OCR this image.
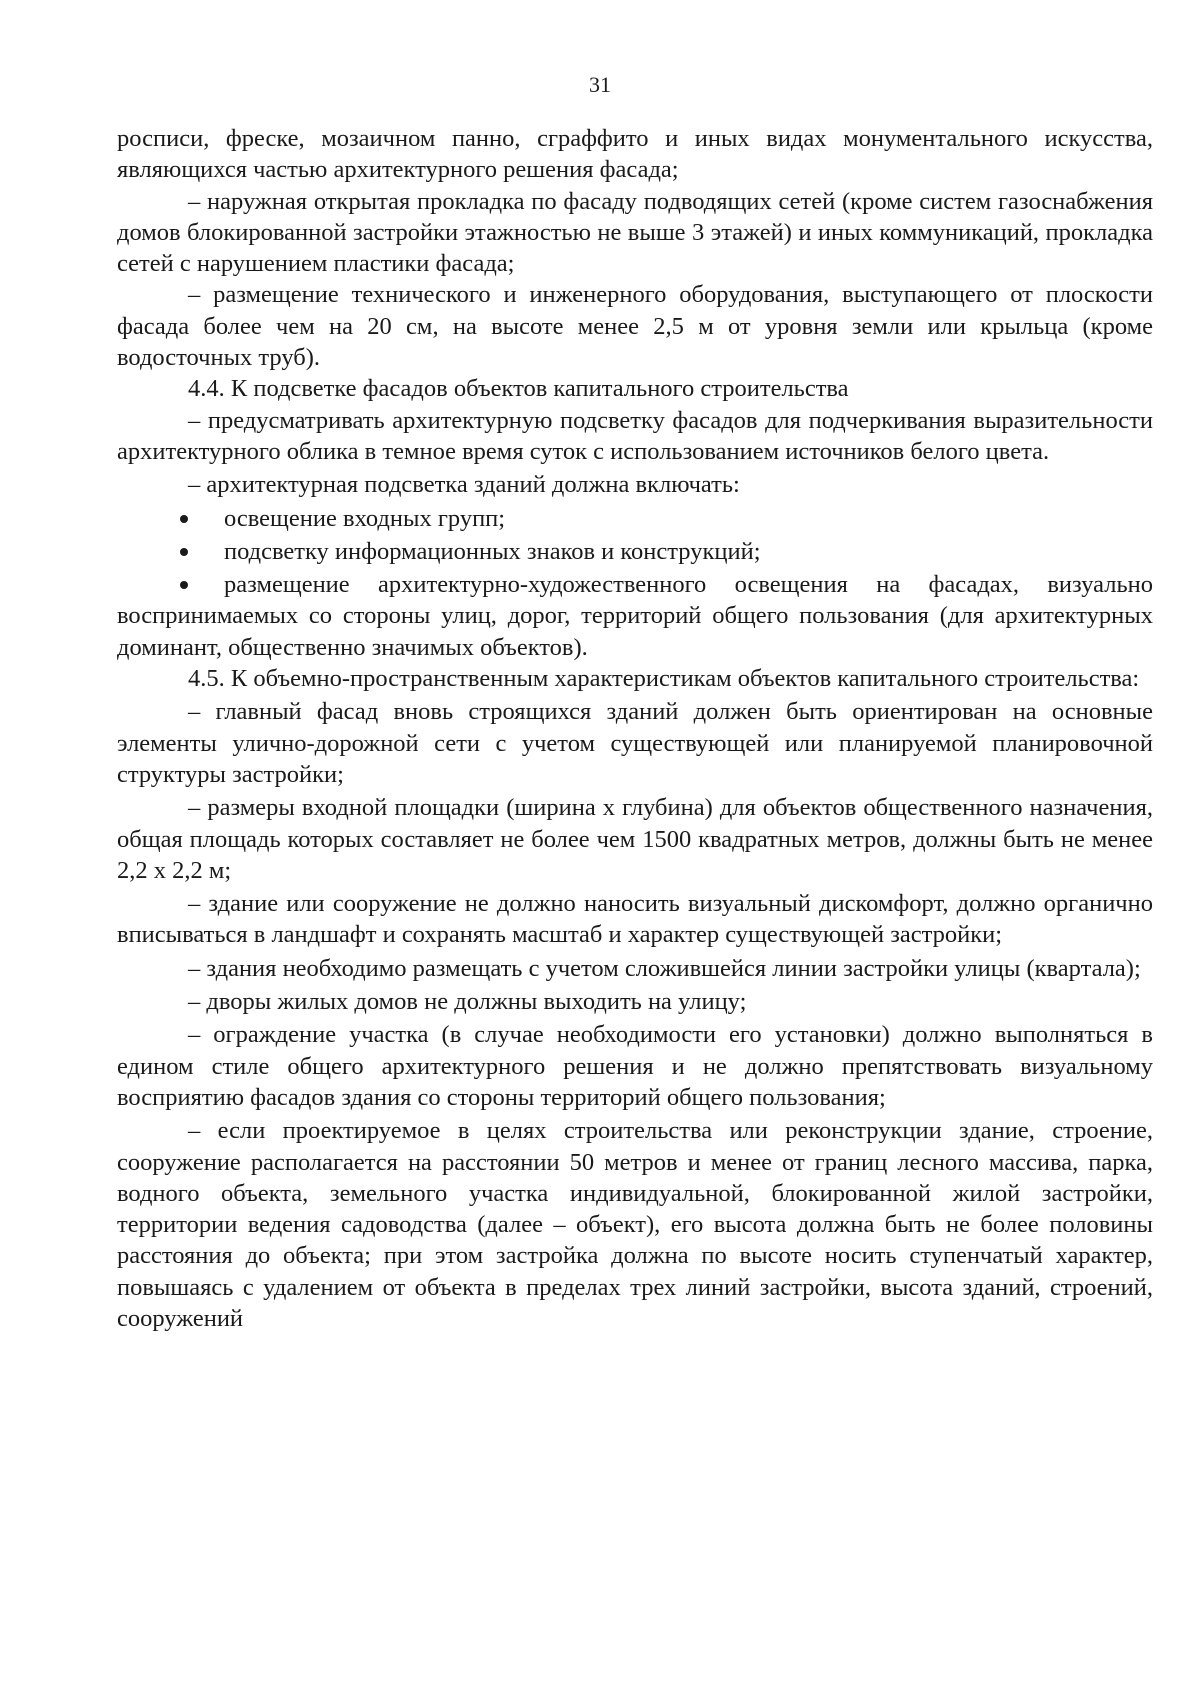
31

росписи, фреске, мозаичном панно, сграффито и иных видах монументального искусства, являющихся частью архитектурного решения фасада;

– наружная открытая прокладка по фасаду подводящих сетей (кроме систем газоснабжения домов блокированной застройки этажностью не выше 3 этажей) и иных коммуникаций, прокладка сетей с нарушением пластики фасада;

– размещение технического и инженерного оборудования, выступающего от плоскости фасада более чем на 20 см, на высоте менее 2,5 м от уровня земли или крыльца (кроме водосточных труб).

4.4. К подсветке фасадов объектов капитального строительства

– предусматривать архитектурную подсветку фасадов для подчеркивания выразительности архитектурного облика в темное время суток с использованием источников белого цвета.

– архитектурная подсветка зданий должна включать:

освещение входных групп;
подсветку информационных знаков и конструкций;
размещение архитектурно-художественного освещения на фасадах, визуально воспринимаемых со стороны улиц, дорог, территорий общего пользования (для архитектурных доминант, общественно значимых объектов).

4.5. К объемно-пространственным характеристикам объектов капитального строительства:

– главный фасад вновь строящихся зданий должен быть ориентирован на основные элементы улично-дорожной сети с учетом существующей или планируемой планировочной структуры застройки;

– размеры входной площадки (ширина х глубина) для объектов общественного назначения, общая площадь которых составляет не более чем 1500 квадратных метров, должны быть не менее 2,2 х 2,2 м;

– здание или сооружение не должно наносить визуальный дискомфорт, должно органично вписываться в ландшафт и сохранять масштаб и характер существующей застройки;

– здания необходимо размещать с учетом сложившейся линии застройки улицы (квартала);

– дворы жилых домов не должны выходить на улицу;

– ограждение участка (в случае необходимости его установки) должно выполняться в едином стиле общего архитектурного решения и не должно препятствовать визуальному восприятию фасадов здания со стороны территорий общего пользования;

– если проектируемое в целях строительства или реконструкции здание, строение, сооружение располагается на расстоянии 50 метров и менее от границ лесного массива, парка, водного объекта, земельного участка индивидуальной, блокированной жилой застройки, территории ведения садоводства (далее – объект), его высота должна быть не более половины расстояния до объекта; при этом застройка должна по высоте носить ступенчатый характер, повышаясь с удалением от объекта в пределах трех линий застройки, высота зданий, строений, сооружений
